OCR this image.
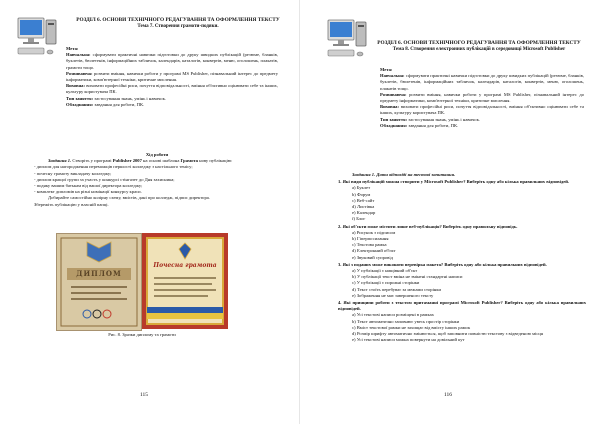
РОЗДІЛ 6. ОСНОВИ ТЕХНІЧНОГО РЕДАГУВАННЯ ТА ОФОРМЛЕННЯ ТЕКСТУ
Тема 7. Створення грамоти-подяки.
Мета:
Навчальна: сформувати практичні навички підготовки до друку швидких публікацій (резюме, бланків, буклетів, бюлетенів, інформаційних табличок, календарів, каталогів, конвертів, меню, оголошень, плакатів, грамоти тощо.
Розвиваюча: розвити вміння, навички роботи у програмі MS Publisher, пізнавальний інтерес до предмету інформатики, комп'ютерної техніки, критичне мислення.
Виховна: виховати професійні риси, почуття відповідальності, вміння об'єктивно оцінювати себе та інших, культуру користувача ПК.
Тип заняття: застосування знань, умінь і навичок.
Обладнання: завдання для роботи, ПК.
Хід роботи
Завдання 1. Створіть у програмі Publisher 2007 на основі шаблона Грамота нову публікацію:
- диплом для нагородження переможців першості колледжу з настільного тенісу;
- почесну грамоту викладачу колледжу;
- диплом кращої групи за участь у конкурсі стінгазет до Дня захисника;
- подяку вашим батькам від вашої директора колледжу;
- комплект дипломів на різні номінації конкурсу краси.
Добирайте самостійно колірну схему, вмістів, дані про колледж, підпис директора.
Збережіть публікацію у власній папці.
ДИПЛОМ
Почесна грамота
Рис. 8. Зразки диплому та грамоти
115
РОЗДІЛ 6. ОСНОВИ ТЕХНІЧНОГО РЕДАГУВАННЯ ТА ОФОРМЛЕННЯ ТЕКСТУ
Тема 8. Створення електронних публікацій в середовищі Microsoft Publisher
Мета:
Навчальна: сформувати практичні навички підготовки до друку швидких публікацій (резюме, бланків, буклетів, бюлетенів, інформаційних табличок, календарів, каталогів, конвертів, меню, оголошень, плакатів тощо.
Розвиваюча: розвити вміння, навички роботи у програмі MS Publisher, пізнавальний інтерес до предмету інформатики, комп'ютерної техніки, критичне мислення.
Виховна: виховати професійні риси, почуття відповідальності, вміння об'єктивно оцінювати себе та інших, культуру користувача ПК.
Тип заняття: застосування знань, умінь і навичок.
Обладнання: завдання для роботи, ПК.
Завдання 1. Дати відповіді на тестові запитання.
1. Які види публікацій можна створити у Microsoft Publisher? Виберіть одну або кілька правильних відповідей.
a) Буклет
b) Форум
c) Веб-сайт
d) Листівка
e) Календар
f) Блог
2. Які об'єкти може містити лише веб-публікація? Виберіть одну правильну відповідь.
a) Рисунок з підписом
b) Гіперпосилання
c) Текстова рамка
d) Електронний об'єкт
e) Звуковий супровід
3. Які з поданих може виконати перевірка макета? Виберіть одну або кілька правильних відповідей.
a) У публікації є нищівний об'єкт
b) У публікації текст вміна не змінені стандартні написи
c) У публікації є порожні сторінки
d) Текст стоїть перебуває за межами сторінки
e) Зображення не має завершеного тексту
4. Які принципи роботи з текстом притаманні програмі Microsoft Publisher? Виберіть одну або кілька правильних відповідей.
a) Усі текстові написи розміщені в рамках
b) Текст автоматично заповнює увесь простір сторінки
c) Вміст текстової рамки не захищає від вмісту інших рамок
d) Розмір шрифту автоматично змінюється, щоб заповнити повністю текстову з відведеною місця
e) Усі текстові написи можна повернути на довільний кут
116
